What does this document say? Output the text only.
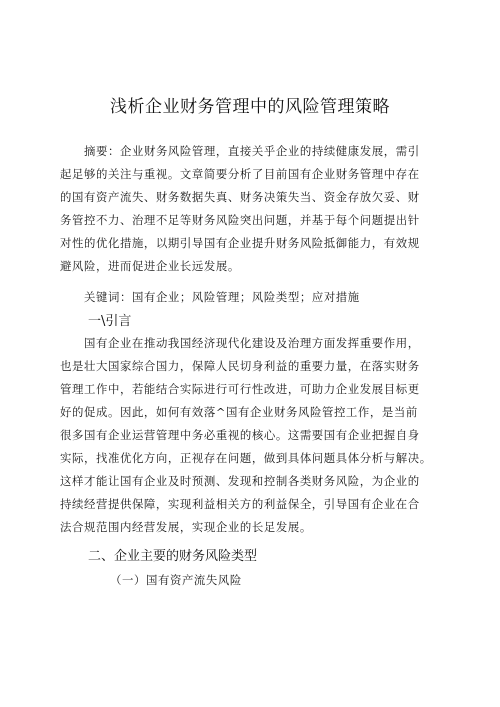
浅析企业财务管理中的风险管理策略
摘要：企业财务风险管理，直接关乎企业的持续健康发展，需引
起足够的关注与重视。文章简要分析了目前国有企业财务管理中存在
的国有资产流失、财务数据失真、财务决策失当、资金存放欠妥、财
务管控不力、治理不足等财务风险突出问题，并基于每个问题提出针
对性的优化措施，以期引导国有企业提升财务风险抵御能力，有效规
避风险，进而促进企业长远发展。
关键词：国有企业；风险管理；风险类型；应对措施
一\引言
国有企业在推动我国经济现代化建设及治理方面发挥重要作用，
也是壮大国家综合国力，保障人民切身利益的重要力量，在落实财务
管理工作中，若能结合实际进行可行性改进，可助力企业发展目标更
好的促成。因此，如何有效落^国有企业财务风险管控工作，是当前
很多国有企业运营管理中务必重视的核心。这需要国有企业把握自身
实际，找准优化方向，正视存在问题，做到具体问题具体分析与解决。
这样才能让国有企业及时预测、发现和控制各类财务风险，为企业的
持续经营提供保障，实现利益相关方的利益保全，引导国有企业在合
法合规范围内经营发展，实现企业的长足发展。
二、企业主要的财务风险类型
（一）国有资产流失风险
